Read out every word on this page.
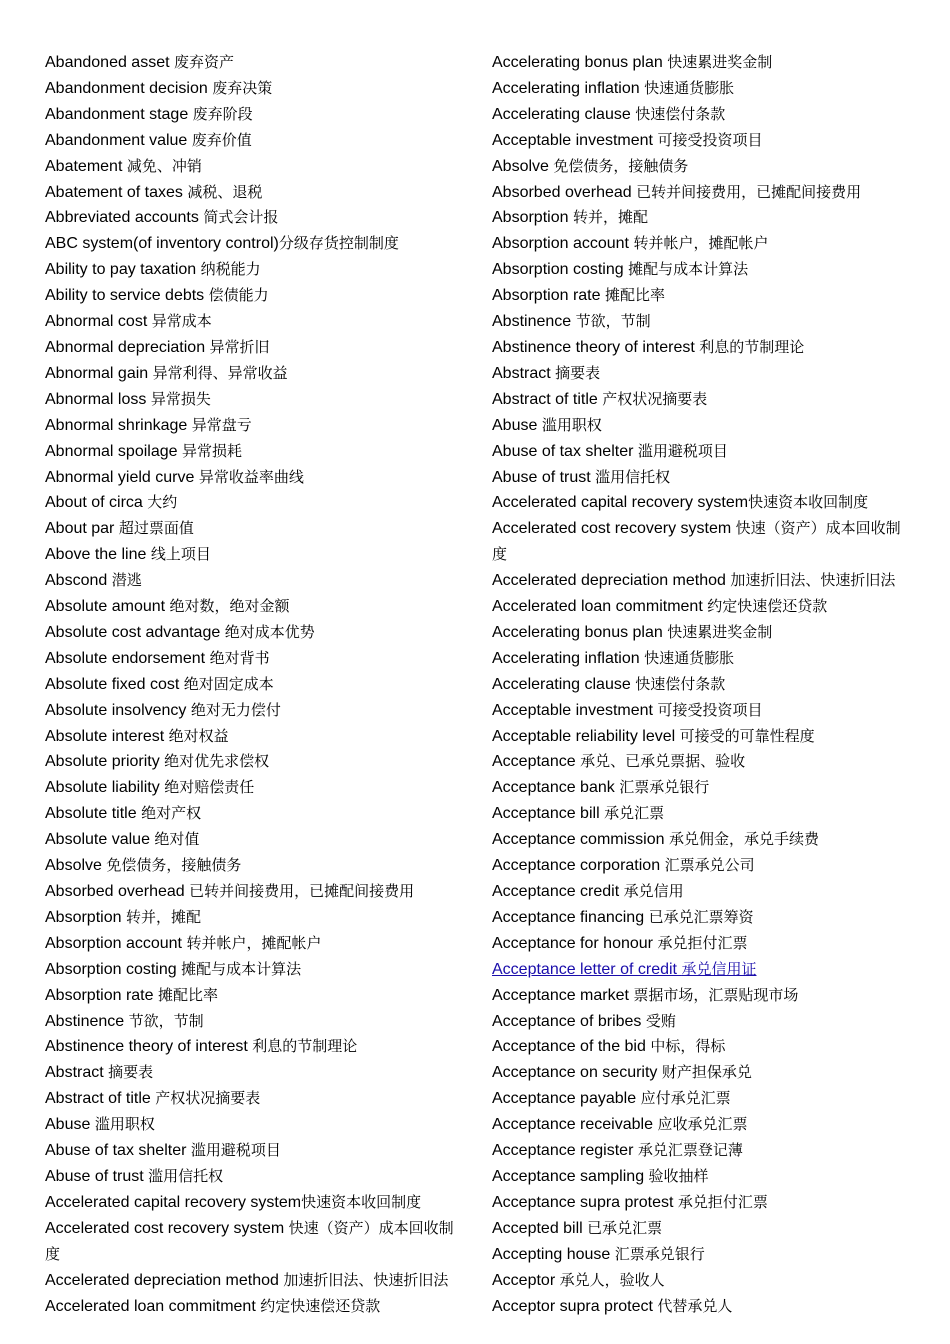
Abandoned asset 废弃资产
Abandonment decision 废弃决策
Abandonment stage 废弃阶段
Abandonment value 废弃价值
Abatement 减免、冲销
Abatement of taxes 减税、退税
Abbreviated accounts 简式会计报
ABC system(of inventory control)分级存货控制制度
Ability to pay taxation 纳税能力
Ability to service debts 偿债能力
Abnormal cost 异常成本
Abnormal depreciation 异常折旧
Abnormal gain 异常利得、异常收益
Abnormal loss 异常损失
Abnormal shrinkage 异常盘亏
Abnormal spoilage 异常损耗
Abnormal yield curve 异常收益率曲线
About of circa 大约
About par 超过票面值
Above the line 线上项目
Abscond 潜逃
Absolute amount 绝对数，绝对金额
Absolute cost advantage 绝对成本优势
Absolute endorsement 绝对背书
Absolute fixed cost 绝对固定成本
Absolute insolvency 绝对无力偿付
Absolute interest 绝对权益
Absolute priority 绝对优先求偿权
Absolute liability 绝对赔偿责任
Absolute title 绝对产权
Absolute value 绝对值
Absolve 免偿债务，接触债务
Absorbed overhead 已转并间接费用，已摊配间接费用
Absorption 转并，摊配
Absorption account 转并帐户，摊配帐户
Absorption costing 摊配与成本计算法
Absorption rate 摊配比率
Abstinence 节欲，节制
Abstinence theory of interest 利息的节制理论
Abstract 摘要表
Abstract of title 产权状况摘要表
Abuse 滥用职权
Abuse of tax shelter 滥用避税项目
Abuse of trust 滥用信托权
Accelerated capital recovery system快速资本收回制度
Accelerated cost recovery system 快速（资产）成本回收制度
Accelerated depreciation method 加速折旧法、快速折旧法
Accelerated loan commitment 约定快速偿还贷款
Accelerating bonus plan 快速累进奖金制
Accelerating inflation 快速通货膨胀
Accelerating clause 快速偿付条款
Acceptable investment 可接受投资项目
Absolve 免偿债务，接触债务
Absorbed overhead 已转并间接费用，已摊配间接费用
Absorption 转并，摊配
Absorption account 转并帐户，摊配帐户
Absorption costing 摊配与成本计算法
Absorption rate 摊配比率
Abstinence 节欲，节制
Abstinence theory of interest 利息的节制理论
Abstract 摘要表
Abstract of title 产权状况摘要表
Abuse 滥用职权
Abuse of tax shelter 滥用避税项目
Abuse of trust 滥用信托权
Accelerated capital recovery system快速资本收回制度
Accelerated cost recovery system 快速（资产）成本回收制度
Accelerated depreciation method 加速折旧法、快速折旧法
Accelerated loan commitment 约定快速偿还贷款
Accelerating bonus plan 快速累进奖金制
Accelerating inflation 快速通货膨胀
Accelerating clause 快速偿付条款
Acceptable investment 可接受投资项目
Acceptable reliability level 可接受的可靠性程度
Acceptance 承兑、已承兑票据、验收
Acceptance bank 汇票承兑银行
Acceptance bill 承兑汇票
Acceptance commission 承兑佣金，承兑手续费
Acceptance corporation 汇票承兑公司
Acceptance credit 承兑信用
Acceptance financing 已承兑汇票筹资
Acceptance for honour 承兑拒付汇票
Acceptance letter of credit 承兑信用证
Acceptance market 票据市场，汇票贴现市场
Acceptance of bribes 受贿
Acceptance of the bid 中标，得标
Acceptance on security 财产担保承兑
Acceptance payable 应付承兑汇票
Acceptance receivable 应收承兑汇票
Acceptance register 承兑汇票登记薄
Acceptance sampling 验收抽样
Acceptance supra protest 承兑拒付汇票
Accepted bill 已承兑汇票
Accepting house 汇票承兑银行
Acceptor 承兑人，验收人
Acceptor supra protect 代替承兑人
